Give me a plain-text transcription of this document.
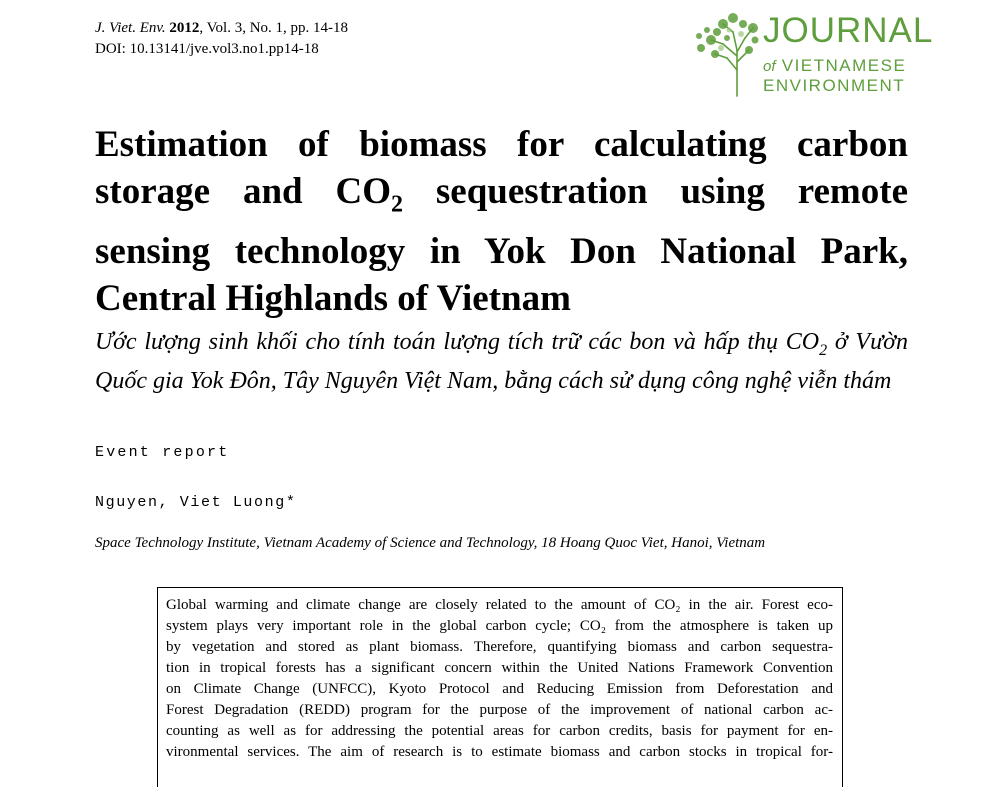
J. Viet. Env. 2012, Vol. 3, No. 1, pp. 14-18
DOI: 10.13141/jve.vol3.no1.pp14-18	JOURNAL
of VIETNAMESE
ENVIRONMENT
Estimation of biomass for calculating carbon storage and $CO_2$ sequestration using remote sensing technology in Yok Don National Park, Central Highlands of Vietnam
Ước lượng sinh khối cho tính toán lượng tích trữ các bon và hấp thụ $CO_2$ ở Vườn Quốc gia Yok Đôn, Tây Nguyên Việt Nam, bằng cách sử dụng công nghệ viễn thám
Event report
Nguyen, Viet Luong*
Space Technology Institute, Vietnam Academy of Science and Technology, 18 Hoang Quoc Viet, Hanoi, Vietnam

Global warming and climate change are closely related to the amount of CO₂ in the air. Forest eco-
system plays very important role in the global carbon cycle; CO₂ from the atmosphere is taken up
by vegetation and stored as plant biomass. Therefore, quantifying biomass and carbon sequestra-
tion in tropical forests has a significant concern within the United Nations Framework Convention
on Climate Change (UNFCC), Kyoto Protocol and Reducing Emission from Deforestation and
Forest Degradation (REDD) program for the purpose of the improvement of national carbon ac-
counting as well as for addressing the potential areas for carbon credits, basis for payment for en-
vironmental services. The aim of research is to estimate biomass and carbon stocks in tropical for-
